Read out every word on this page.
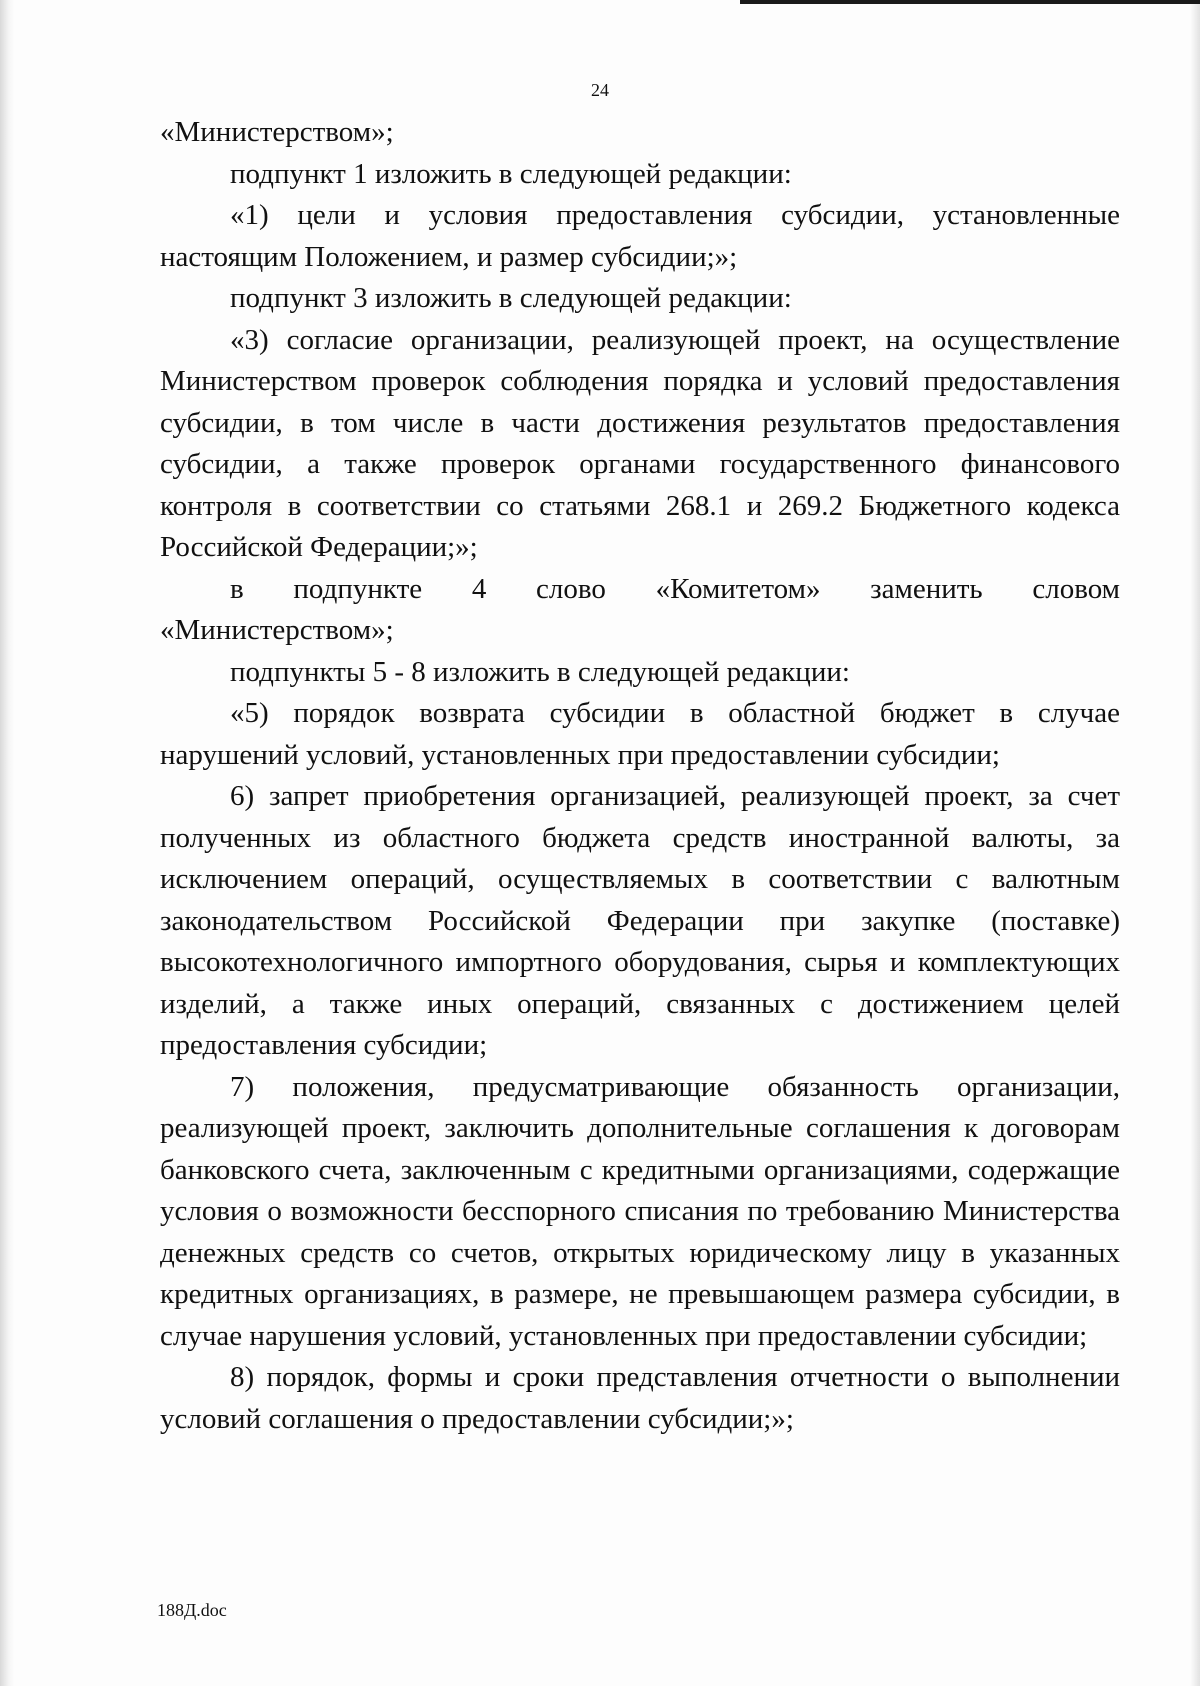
24

«Министерством»;

подпункт 1 изложить в следующей редакции:

«1) цели и условия предоставления субсидии, установленные настоящим Положением, и размер субсидии;»;

подпункт 3 изложить в следующей редакции:

«3) согласие организации, реализующей проект, на осуществление Министерством проверок соблюдения порядка и условий предоставления субсидии, в том числе в части достижения результатов предоставления субсидии, а также проверок органами государственного финансового контроля в соответствии со статьями 268.1 и 269.2 Бюджетного кодекса Российской Федерации;»;

в подпункте 4 слово «Комитетом» заменить словом

«Министерством»;

подпункты 5 - 8 изложить в следующей редакции:

«5) порядок возврата субсидии в областной бюджет в случае нарушений условий, установленных при предоставлении субсидии;

6) запрет приобретения организацией, реализующей проект, за счет полученных из областного бюджета средств иностранной валюты, за исключением операций, осуществляемых в соответствии с валютным законодательством Российской Федерации при закупке (поставке) высокотехнологичного импортного оборудования, сырья и комплектующих изделий, а также иных операций, связанных с достижением целей предоставления субсидии;

7) положения, предусматривающие обязанность организации, реализующей проект, заключить дополнительные соглашения к договорам банковского счета, заключенным с кредитными организациями, содержащие условия о возможности бесспорного списания по требованию Министерства денежных средств со счетов, открытых юридическому лицу в указанных кредитных организациях, в размере, не превышающем размера субсидии, в случае нарушения условий, установленных при предоставлении субсидии;

8) порядок, формы и сроки представления отчетности о выполнении условий соглашения о предоставлении субсидии;»;

188Д.doc
